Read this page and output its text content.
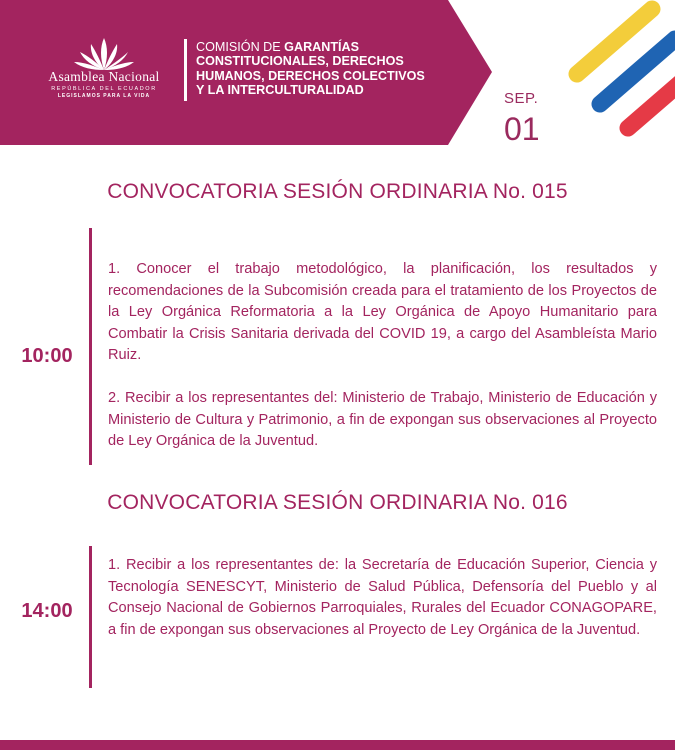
Asamblea Nacional
REPÚBLICA DEL ECUADOR
LEGISLAMOS PARA LA VIDA
COMISIÓN DE GARANTÍAS
CONSTITUCIONALES, DERECHOS
HUMANOS, DERECHOS COLECTIVOS
Y LA INTERCULTURALIDAD
SEP.
01
CONVOCATORIA SESIÓN ORDINARIA No. 015
10:00

1. Conocer el trabajo metodológico, la planificación, los resultados y recomendaciones de la Subcomisión creada para el tratamiento de los Proyectos de la Ley Orgánica Reformatoria a la Ley Orgánica de Apoyo Humanitario para Combatir la Crisis Sanitaria derivada del COVID 19, a cargo del Asambleísta Mario Ruiz.

2. Recibir a los representantes del: Ministerio de Trabajo, Ministerio de Educación y Ministerio de Cultura y Patrimonio, a fin de expongan sus observaciones al Proyecto de Ley Orgánica de la Juventud.

CONVOCATORIA SESIÓN ORDINARIA No. 016
14:00

1. Recibir a los representantes de: la Secretaría de Educación Superior, Ciencia y Tecnología SENESCYT, Ministerio de Salud Pública, Defensoría del Pueblo y al Consejo Nacional de Gobiernos Parroquiales, Rurales del Ecuador CONAGOPARE, a fin de expongan sus observaciones al Proyecto de Ley Orgánica de la Juventud.
